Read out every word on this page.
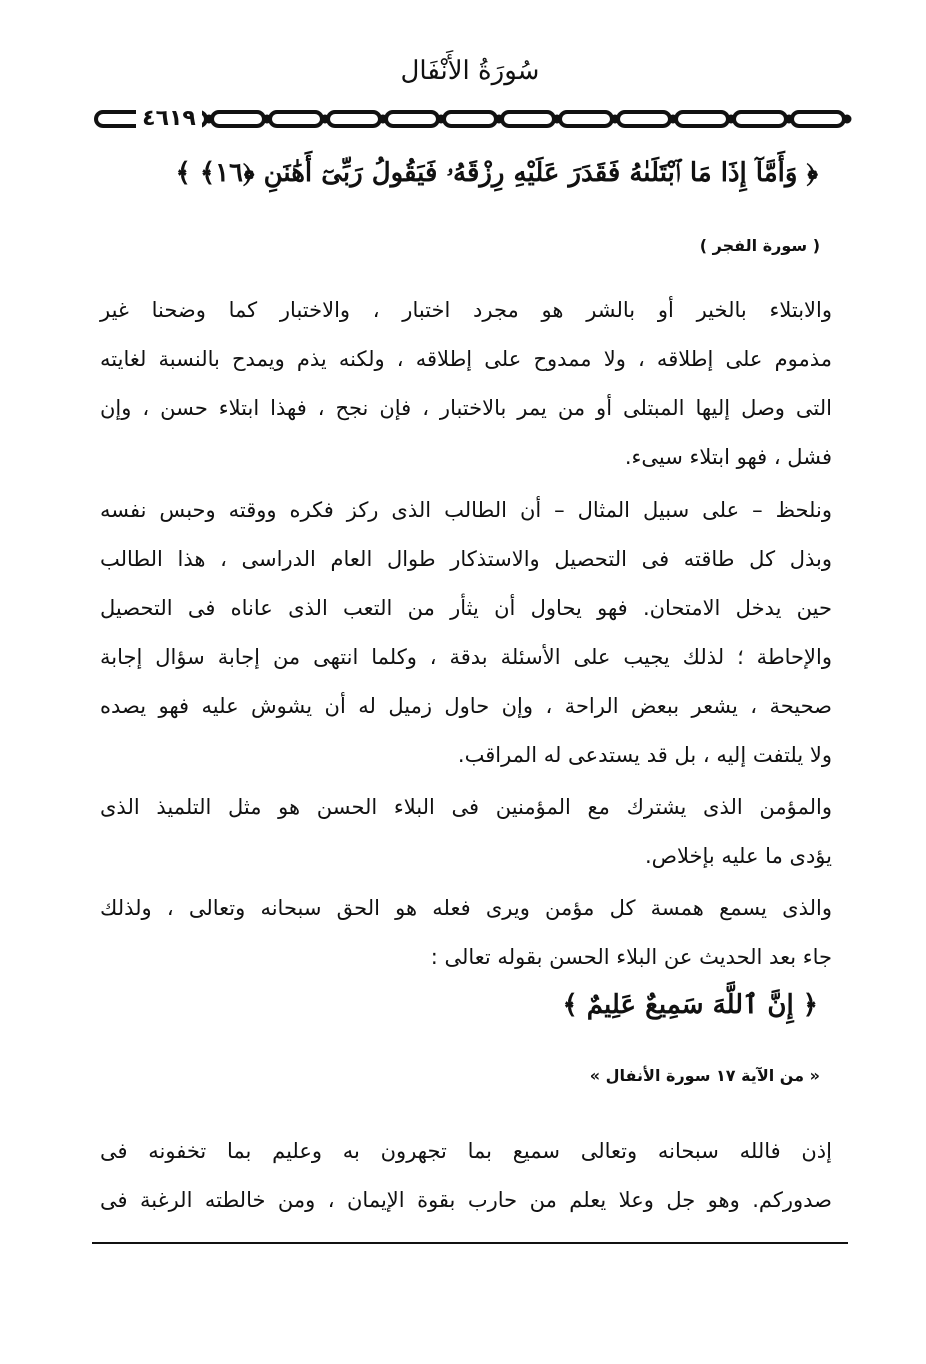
سُورَةُ الأَنْفَال
٤٦١٩
﴿ وَأَمَّآ إِذَا مَا ٱبْتَلَىٰهُ فَقَدَرَ عَلَيْهِ رِزْقَهُۥ فَيَقُولُ رَبِّىٓ أَهَٰنَنِ ﴿١٦﴾ ﴾
( سورة الفجر )
والابتلاء بالخير أو بالشر هو مجرد اختبار ، والاختبار كما وضحنا غير
مذموم على إطلاقه ، ولا ممدوح على إطلاقه ، ولكنه يذم ويمدح بالنسبة لغايته
التى وصل إليها المبتلى أو من يمر بالاختبار ، فإن نجح ، فهذا ابتلاء حسن ، وإن
فشل ، فهو ابتلاء سيىء.
ونلحظ – على سبيل المثال – أن الطالب الذى ركز فكره ووقته وحبس نفسه
وبذل كل طاقته فى التحصيل والاستذكار طوال العام الدراسى ، هذا الطالب
حين يدخل الامتحان. فهو يحاول أن يثأر من التعب الذى عاناه فى التحصيل
والإحاطة ؛ لذلك يجيب على الأسئلة بدقة ، وكلما انتهى من إجابة سؤال إجابة
صحيحة ، يشعر ببعض الراحة ، وإن حاول زميل له أن يشوش عليه فهو يصده
ولا يلتفت إليه ، بل قد يستدعى له المراقب.
والمؤمن الذى يشترك مع المؤمنين فى البلاء الحسن هو مثل التلميذ الذى
يؤدى ما عليه بإخلاص.
والذى يسمع همسة كل مؤمن ويرى فعله هو الحق سبحانه وتعالى ، ولذلك
جاء بعد الحديث عن البلاء الحسن بقوله تعالى :
﴿ إِنَّ ٱللَّهَ سَمِيعٌ عَلِيمٌ ﴾
« من الآية ١٧ سورة الأنفال »
إذن فالله سبحانه وتعالى سميع بما تجهرون به وعليم بما تخفونه فى
صدوركم. وهو جل وعلا يعلم من حارب بقوة الإيمان ، ومن خالطته الرغبة فى
